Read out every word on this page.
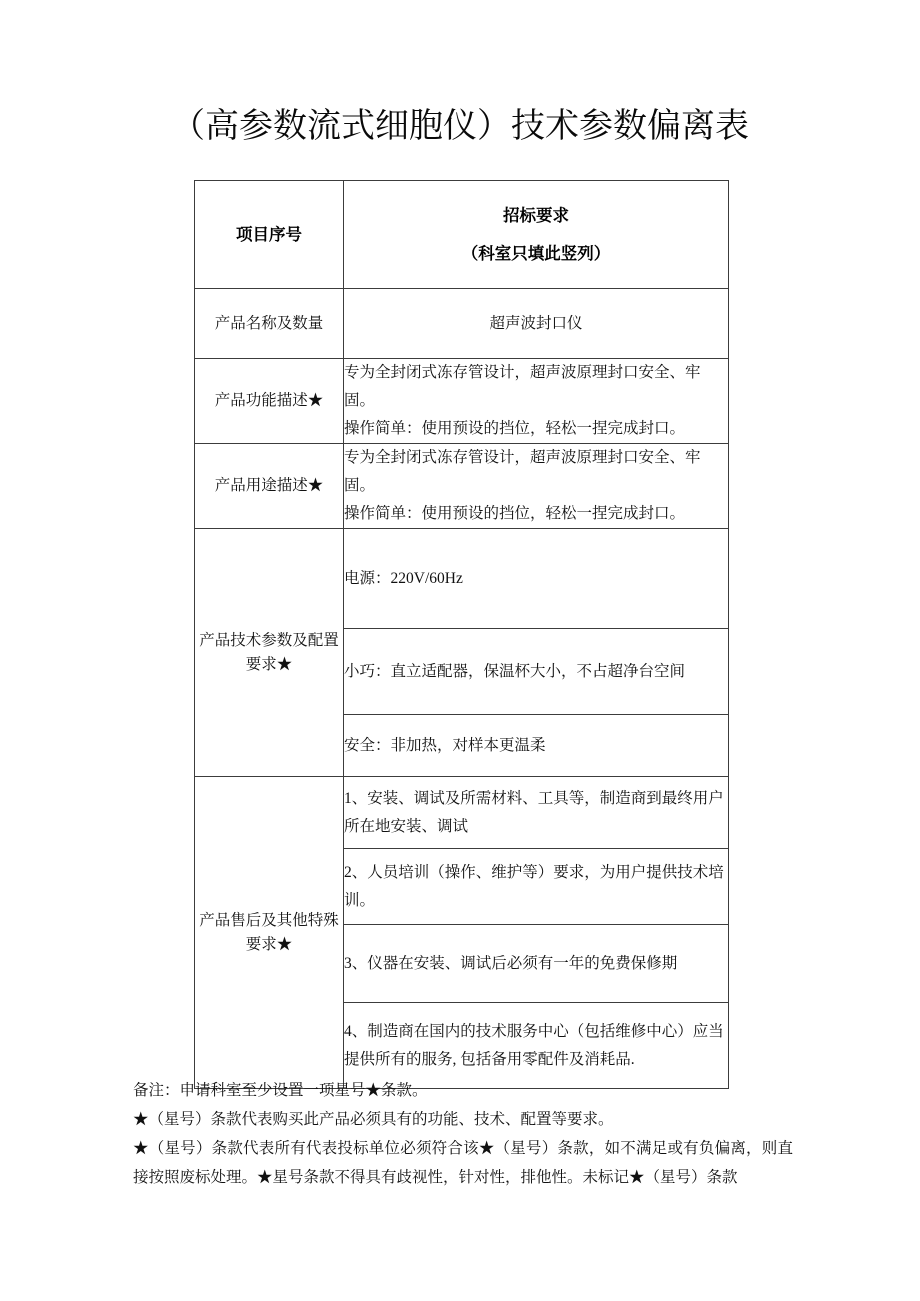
（高参数流式细胞仪）技术参数偏离表
项目序号	招标要求
（科室只填此竖列）

产品名称及数量	超声波封口仪
产品功能描述★	专为全封闭式冻存管设计，超声波原理封口安全、牢固。
操作简单：使用预设的挡位，轻松一捏完成封口。

产品用途描述★	专为全封闭式冻存管设计，超声波原理封口安全、牢固。
操作简单：使用预设的挡位，轻松一捏完成封口。

产品技术参数及配置要求★	电源：220V/60Hz
	小巧：直立适配器，保温杯大小，不占超净台空间
	安全：非加热，对样本更温柔
产品售后及其他特殊要求★	1、安装、调试及所需材料、工具等，制造商到最终用户所在地安装、调试
	2、人员培训（操作、维护等）要求，为用户提供技术培训。
	3、仪器在安装、调试后必须有一年的免费保修期
	4、制造商在国内的技术服务中心（包括维修中心）应当提供所有的服务, 包括备用零配件及消耗品.

备注：申请科室至少设置一项星号★条款。

★（星号）条款代表购买此产品必须具有的功能、技术、配置等要求。

★（星号）条款代表所有代表投标单位必须符合该★（星号）条款，如不满足或有负偏离，则直接按照废标处理。★星号条款不得具有歧视性，针对性，排他性。未标记★（星号）条款
